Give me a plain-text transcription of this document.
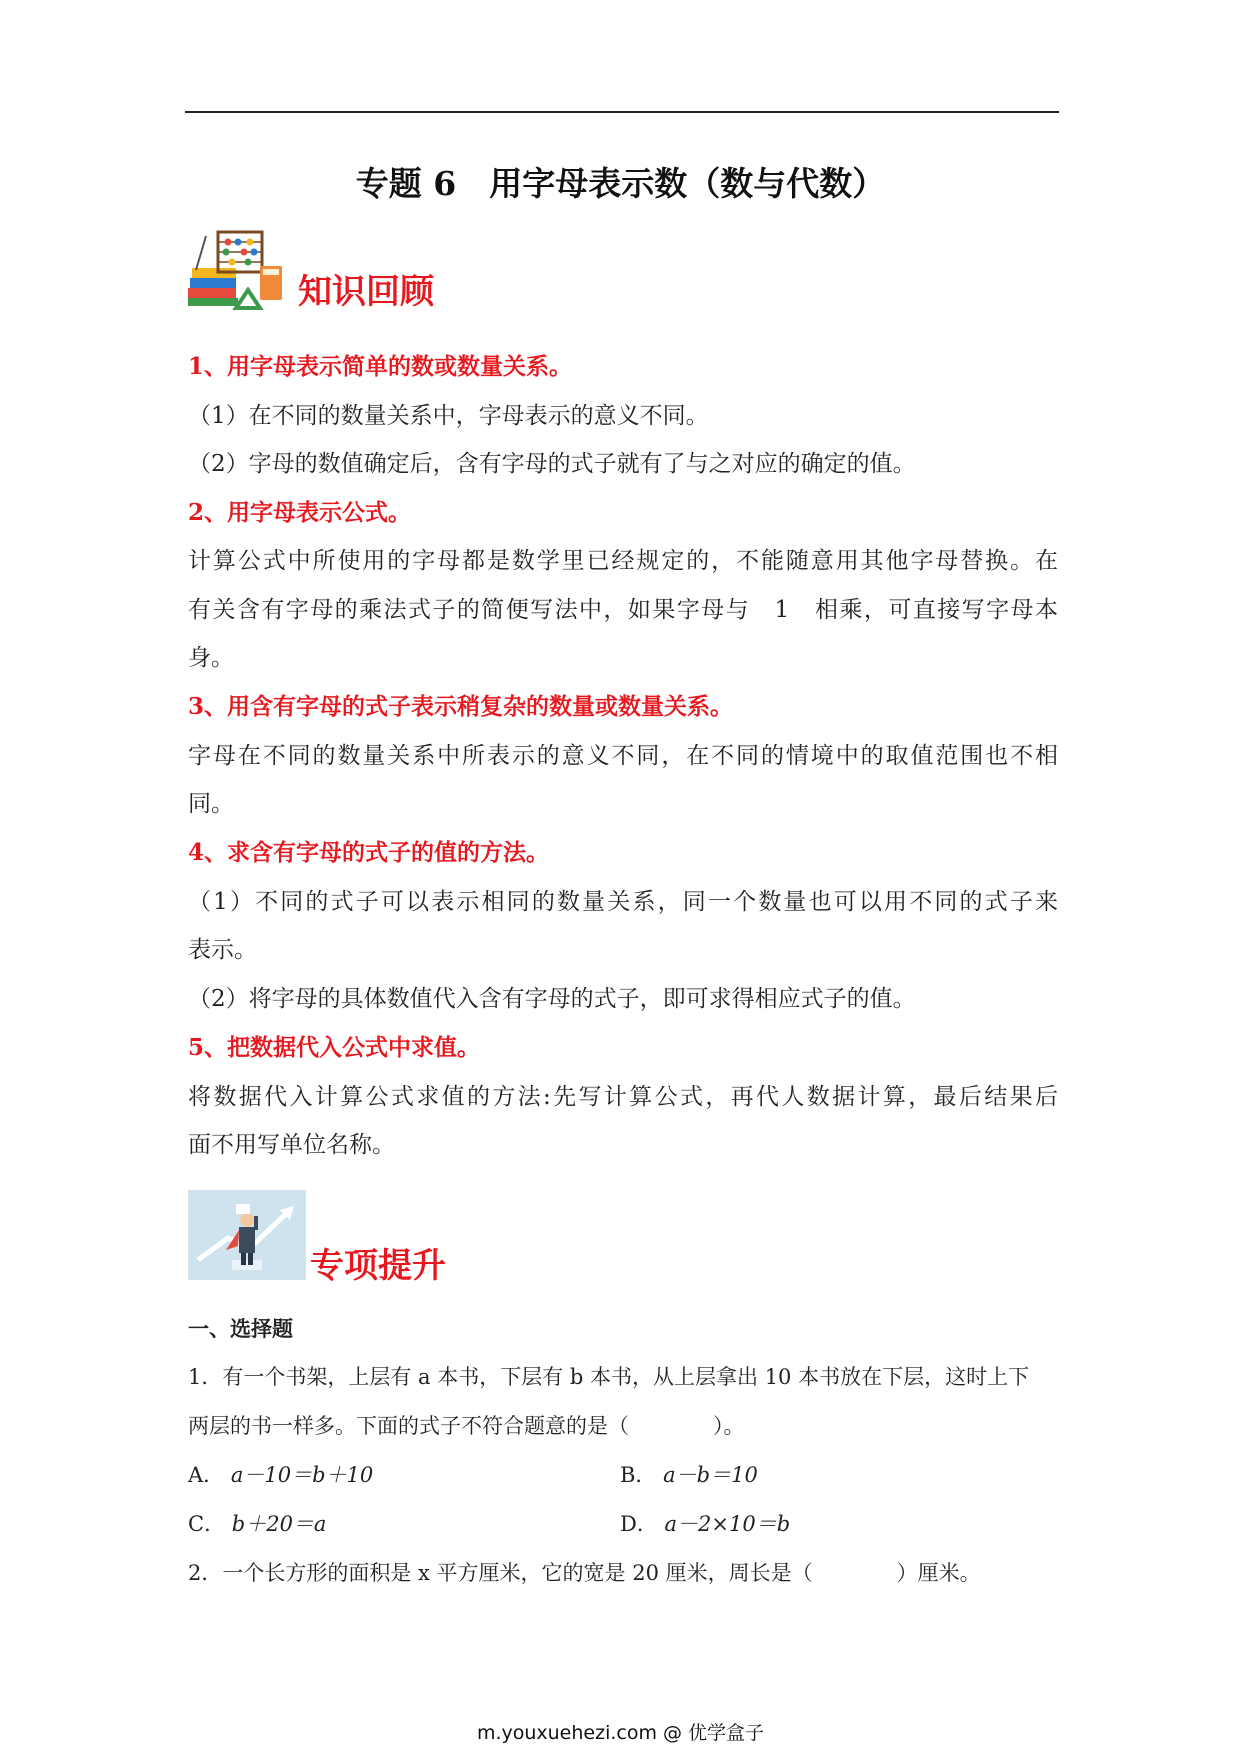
专题 6　用字母表示数（数与代数）
知识回顾
1、用字母表示简单的数或数量关系。
（1）在不同的数量关系中，字母表示的意义不同。
（2）字母的数值确定后，含有字母的式子就有了与之对应的确定的值。
2、用字母表示公式。
计算公式中所使用的字母都是数学里已经规定的，不能随意用其他字母替换。在
有关含有字母的乘法式子的简便写法中，如果字母与　1　相乘，可直接写字母本
身。
3、用含有字母的式子表示稍复杂的数量或数量关系。
字母在不同的数量关系中所表示的意义不同，在不同的情境中的取值范围也不相
同。
4、求含有字母的式子的值的方法。
（1）不同的式子可以表示相同的数量关系，同一个数量也可以用不同的式子来
表示。
（2）将字母的具体数值代入含有字母的式子，即可求得相应式子的值。
5、把数据代入公式中求值。
将数据代入计算公式求值的方法:先写计算公式，再代人数据计算，最后结果后
面不用写单位名称。
专项提升
一、选择题
1．有一个书架，上层有 a 本书，下层有 b 本书，从上层拿出 10 本书放在下层，这时上下
两层的书一样多。下面的式子不符合题意的是（　　　　）。
A． a－10＝b＋10	B． a－b＝10
C． b＋20＝a	D． a－2×10＝b
2．一个长方形的面积是 x 平方厘米，它的宽是 20 厘米，周长是（　　　　）厘米。
m.youxuehezi.com @ 优学盒子
